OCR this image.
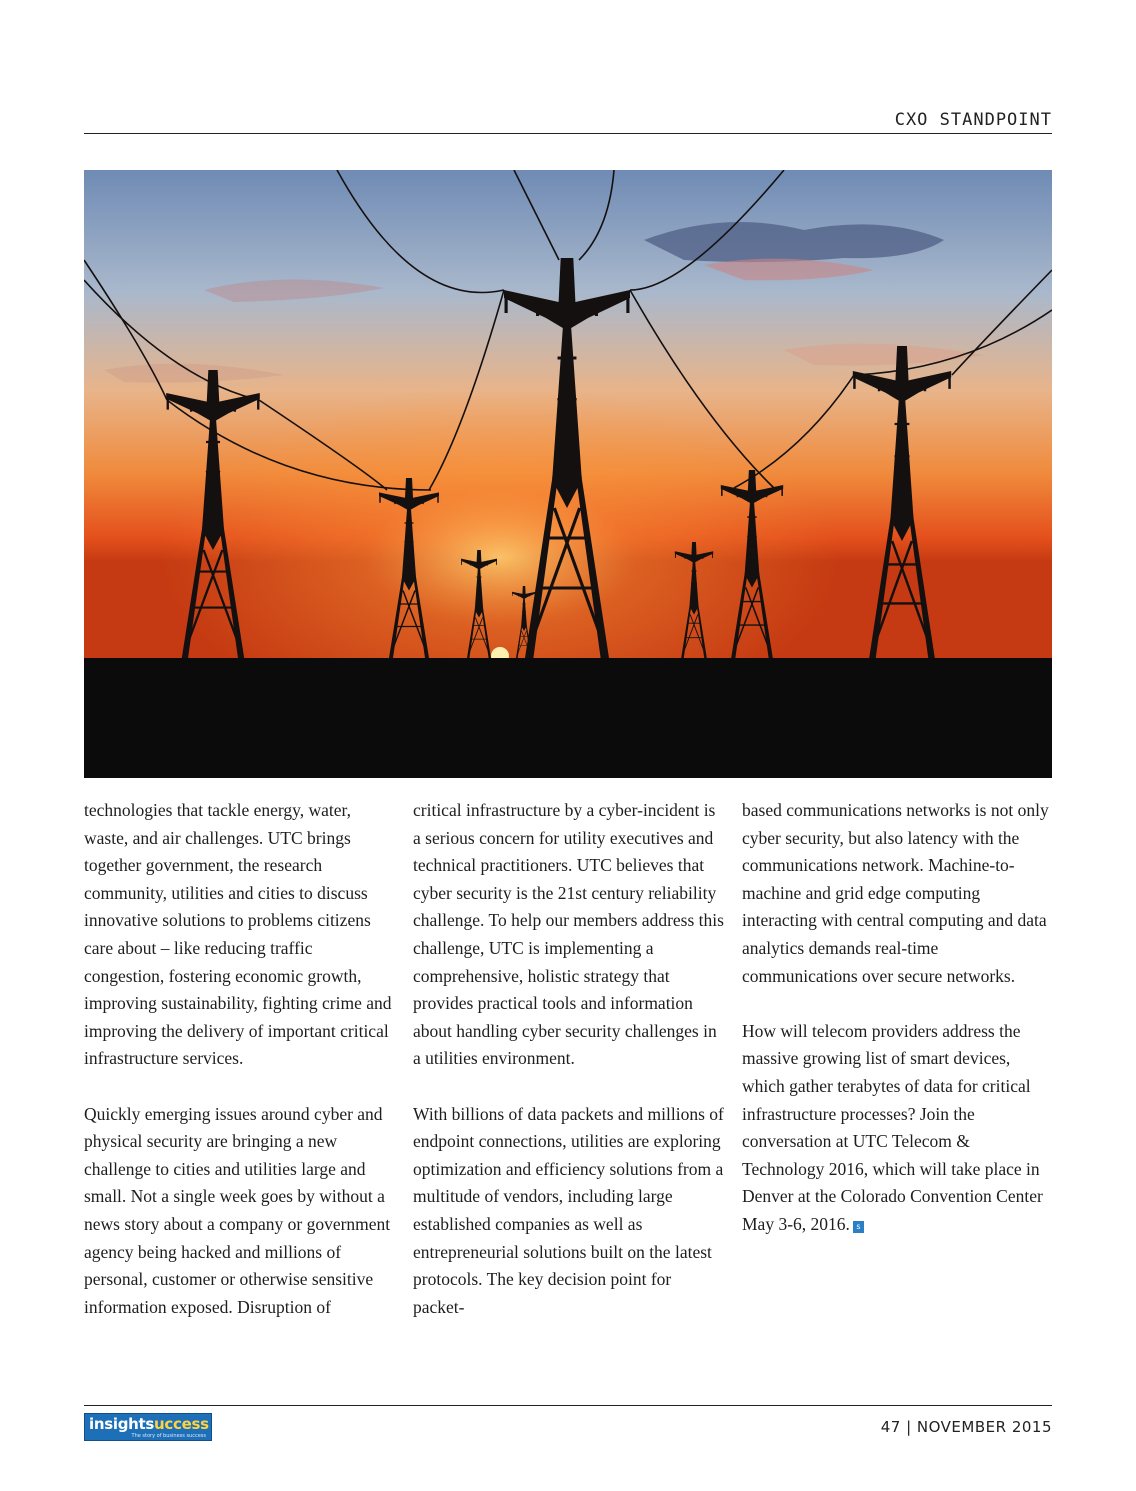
CXO STANDPOINT

technologies that tackle energy, water, waste, and air challenges. UTC brings together government, the research community, utilities and cities to discuss innovative solutions to problems citizens care about – like reducing traffic congestion, fostering economic growth, improving sustainability, fighting crime and improving the delivery of important critical infrastructure services.

Quickly emerging issues around cyber and physical security are bringing a new challenge to cities and utilities large and small. Not a single week goes by without a news story about a company or government agency being hacked and millions of personal, customer or otherwise sensitive information exposed. Disruption of

critical infrastructure by a cyber-incident is a serious concern for utility executives and technical practitioners. UTC believes that cyber security is the 21st century reliability challenge. To help our members address this challenge, UTC is implementing a comprehensive, holistic strategy that provides practical tools and information about handling cyber security challenges in a utilities environment.

With billions of data packets and millions of endpoint connections, utilities are exploring optimization and efficiency solutions from a multitude of vendors, including large established companies as well as entrepreneurial solutions built on the latest protocols. The key decision point for packet-

based communications networks is not only cyber security, but also latency with the communications network. Machine-to-machine and grid edge computing interacting with central computing and data analytics demands real-time communications over secure networks.

How will telecom providers address the massive growing list of smart devices, which gather terabytes of data for critical infrastructure processes? Join the conversation at UTC Telecom & Technology 2016, which will take place in Denver at the Colorado Convention Center May 3-6, 2016. s

insightsuccess
The story of business success	47 | NOVEMBER 2015
